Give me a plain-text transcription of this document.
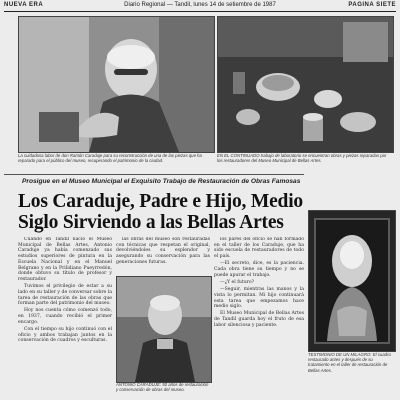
NUEVA ERA	Diario Regional — Tandil, lunes 14 de setiembre de 1987	PAGINA SIETE
La cuidadosa labor de don Ramón Caraduje para su reconstrucción de una de las piezas que ha reparado para el público del museo, recuperando el patrimonio de la ciudad.
EN EL CONTINUADO trabajo de laboratorio se encuentran obras y piezas reparadas por los restauradores del Museo Municipal de Bellas Artes.
Prosigue en el Museo Municipal el Exquisito Trabajo de Restauración de Obras Famosas
Los Caraduje, Padre e Hijo, Medio Siglo Sirviendo a las Bellas Artes

Cuando en Tandil nació el Museo Municipal de Bellas Artes, Antonio Caraduje ya había comenzado sus estudios superiores de pintura en la Escuela Nacional y en el Manuel Belgrano y en la Prilidiano Pueyrredón, donde obtuvo su título de profesor y restaurador.

Tuvimos el privilegio de estar a su lado en su taller y de conversar sobre la tarea de restauración de las obras que forman parte del patrimonio del museo.

Hoy nos cuenta cómo comenzó todo, en 1937, cuando recibió el primer encargo.

Con el tiempo su hijo continuó con el oficio y ambos trabajan juntos en la conservación de cuadros y esculturas.

las obras del museo son restauradas con técnicas que respetan el original, devolviéndoles su esplendor y asegurando su conservación para las generaciones futuras.

los pares del oficio se han formado en el taller de los Caraduje, que ha sido escuela de restauradores de todo el país.

—El secreto, dice, es la paciencia. Cada obra tiene su tiempo y no se puede apurar el trabajo.

—¿Y el futuro?

—Seguir, mientras las manos y la vista lo permitan. Mi hijo continuará esta tarea que empezamos hace medio siglo.

El Museo Municipal de Bellas Artes de Tandil guarda hoy el fruto de esa labor silenciosa y paciente.

ANTONIO CARADUJE: 50 años de restauración y conservación de obras del museo.
TESTIMONIO DE UN MILAGRO: El cuadro restaurado antes y después de su tratamiento en el taller de restauración de Bellas Artes.
